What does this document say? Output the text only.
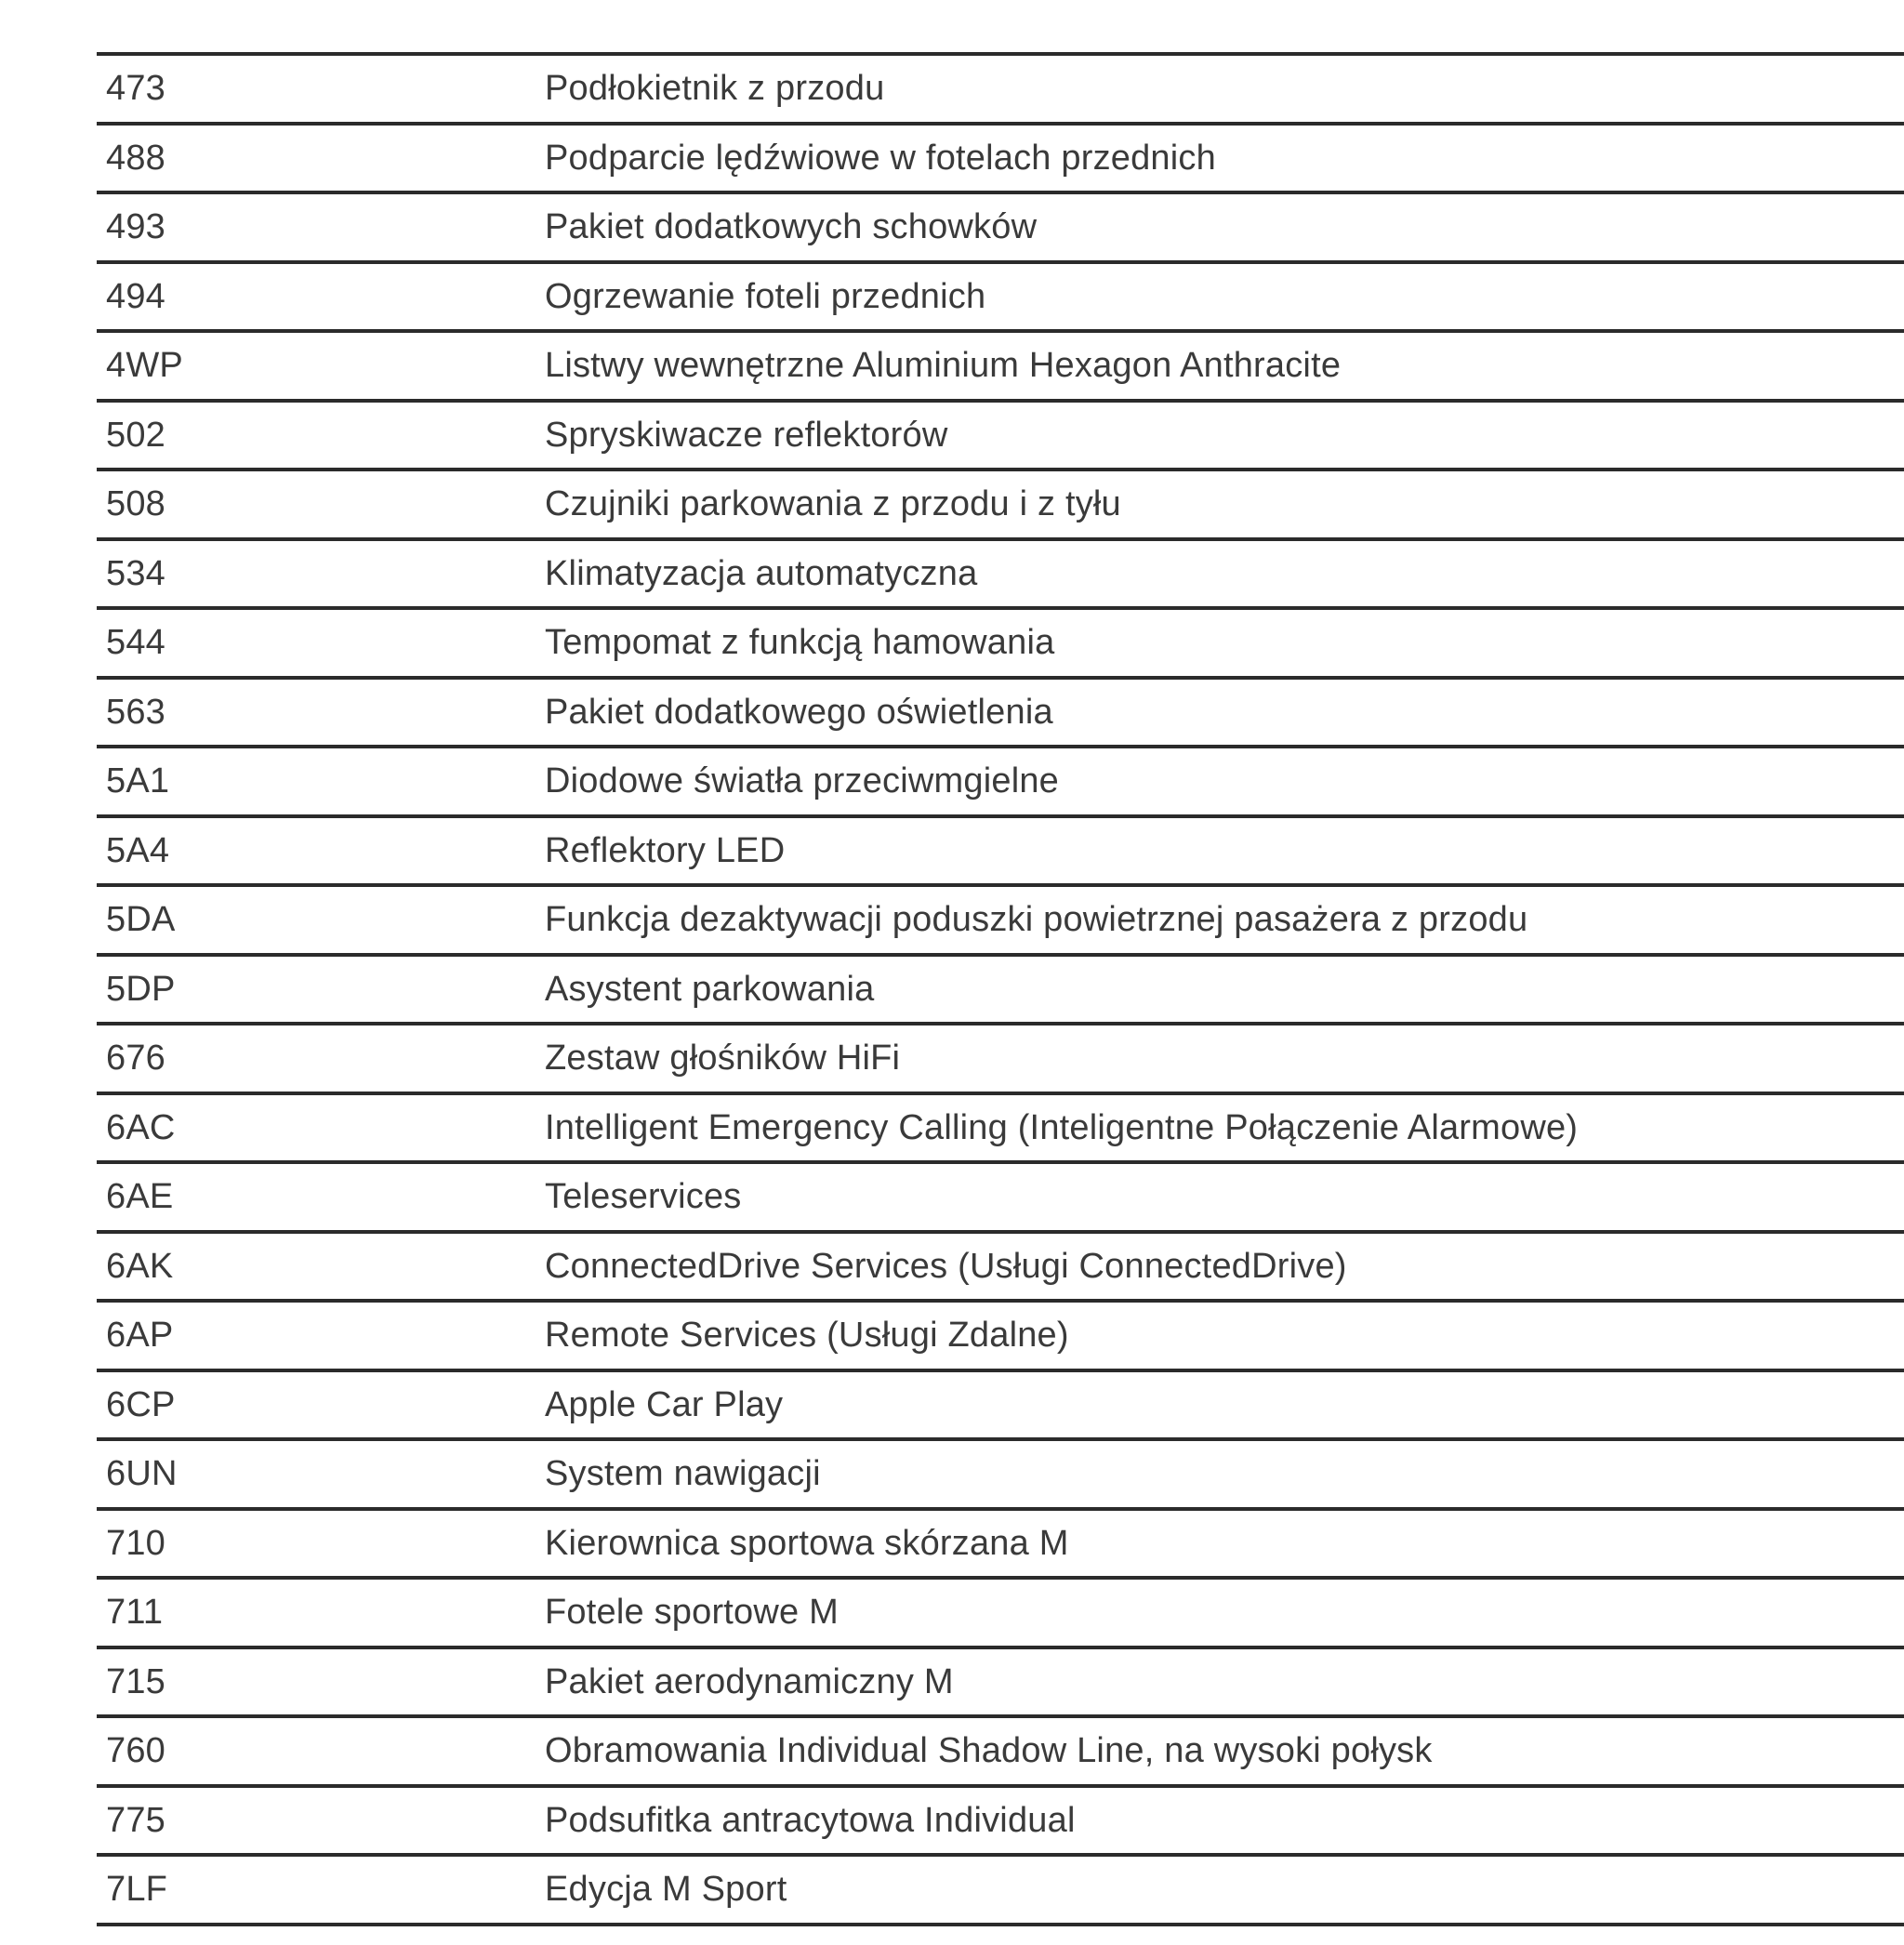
473	Podłokietnik z przodu
488	Podparcie lędźwiowe w fotelach przednich
493	Pakiet dodatkowych schowków
494	Ogrzewanie foteli przednich
4WP	Listwy wewnętrzne Aluminium Hexagon Anthracite
502	Spryskiwacze reflektorów
508	Czujniki parkowania z przodu i z tyłu
534	Klimatyzacja automatyczna
544	Tempomat z funkcją hamowania
563	Pakiet dodatkowego oświetlenia
5A1	Diodowe światła przeciwmgielne
5A4	Reflektory LED
5DA	Funkcja dezaktywacji poduszki powietrznej pasażera z przodu
5DP	Asystent parkowania
676	Zestaw głośników HiFi
6AC	Intelligent Emergency Calling (Inteligentne Połączenie Alarmowe)
6AE	Teleservices
6AK	ConnectedDrive Services (Usługi ConnectedDrive)
6AP	Remote Services (Usługi Zdalne)
6CP	Apple Car Play
6UN	System nawigacji
710	Kierownica sportowa skórzana M
711	Fotele sportowe M
715	Pakiet aerodynamiczny M
760	Obramowania Individual Shadow Line, na wysoki połysk
775	Podsufitka antracytowa Individual
7LF	Edycja M Sport
